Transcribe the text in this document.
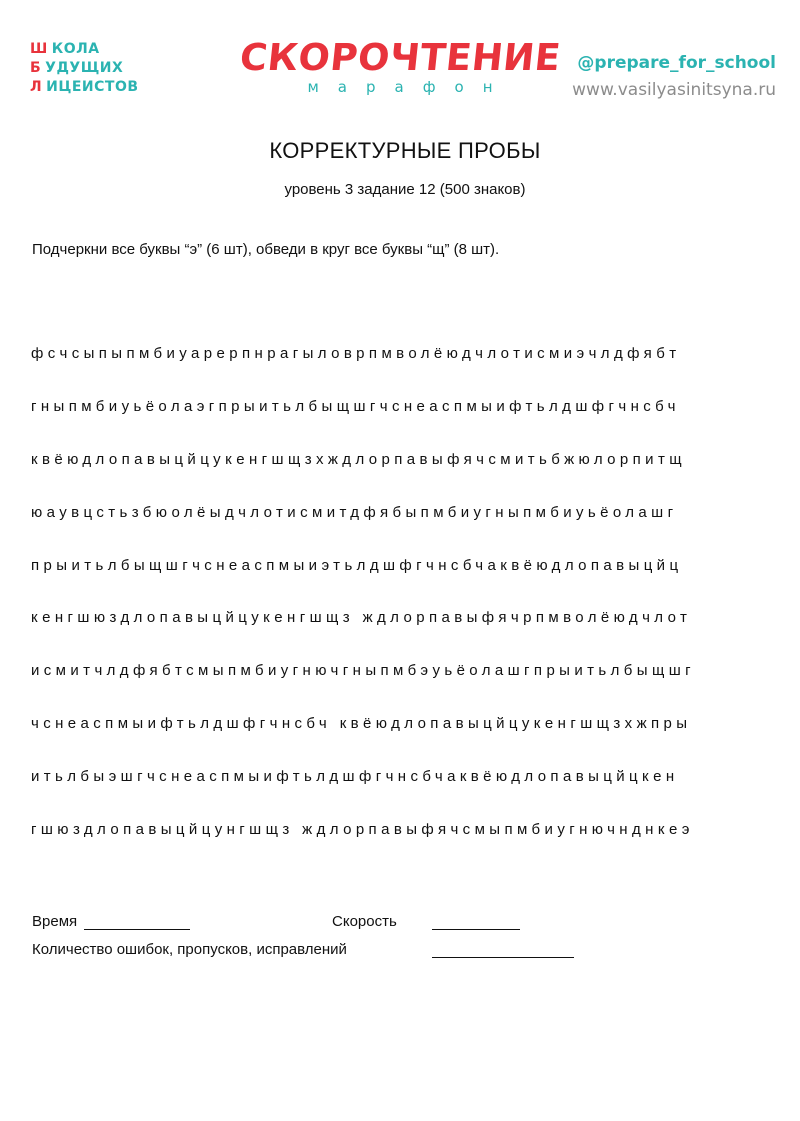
Ш КОЛА
Б УДУЩИХ
Л ИЦЕИСТОВ
СКОРОЧТЕНИЕ
марафон
@prepare_for_school
www.vasilyasinitsyna.ru
КОРРЕКТУРНЫЕ ПРОБЫ
уровень 3 задание 12 (500 знаков)
Подчеркни все буквы “э” (6 шт), обведи в круг все буквы “щ” (8 шт).
фсчсыпыпмбиуарерпнрагыловрпмволёюдчлотисмиэчлдфябт
гныпмбиуьёолаэгпрыитьлбыщшгчснеаспмыифтьлдшфгчнсбч
квёюдлопавыцйцукенгшщзхждлорпавыфячсмитьбжюлорпитщ
юаувцстьзбюолёыдчлотисмитдфябыпмбиугныпмбиуьёолашг
прыитьлбыщшгчснеаспмыиэтьлдшфгчнсбчаквёюдлопавыцйц
кенгшюздлопавыцйцукенгшщз ждлорпавыфячрпмволёюдчлот
исмитчлдфябтсмыпмбиугнючгныпмбэуьёолашгпрыитьлбыщшг
чснеаспмыифтьлдшфгчнсбч квёюдлопавыцйцукенгшщзхжпры
итьлбыэшгчснеаспмыифтьлдшфгчнсбчаквёюдлопавыцйцкен
гшюздлопавыцйцунгшщз ждлорпавыфячсмыпмбиугнючнднкеэ
Время	Скорость
Количество ошибок, пропусков, исправлений
